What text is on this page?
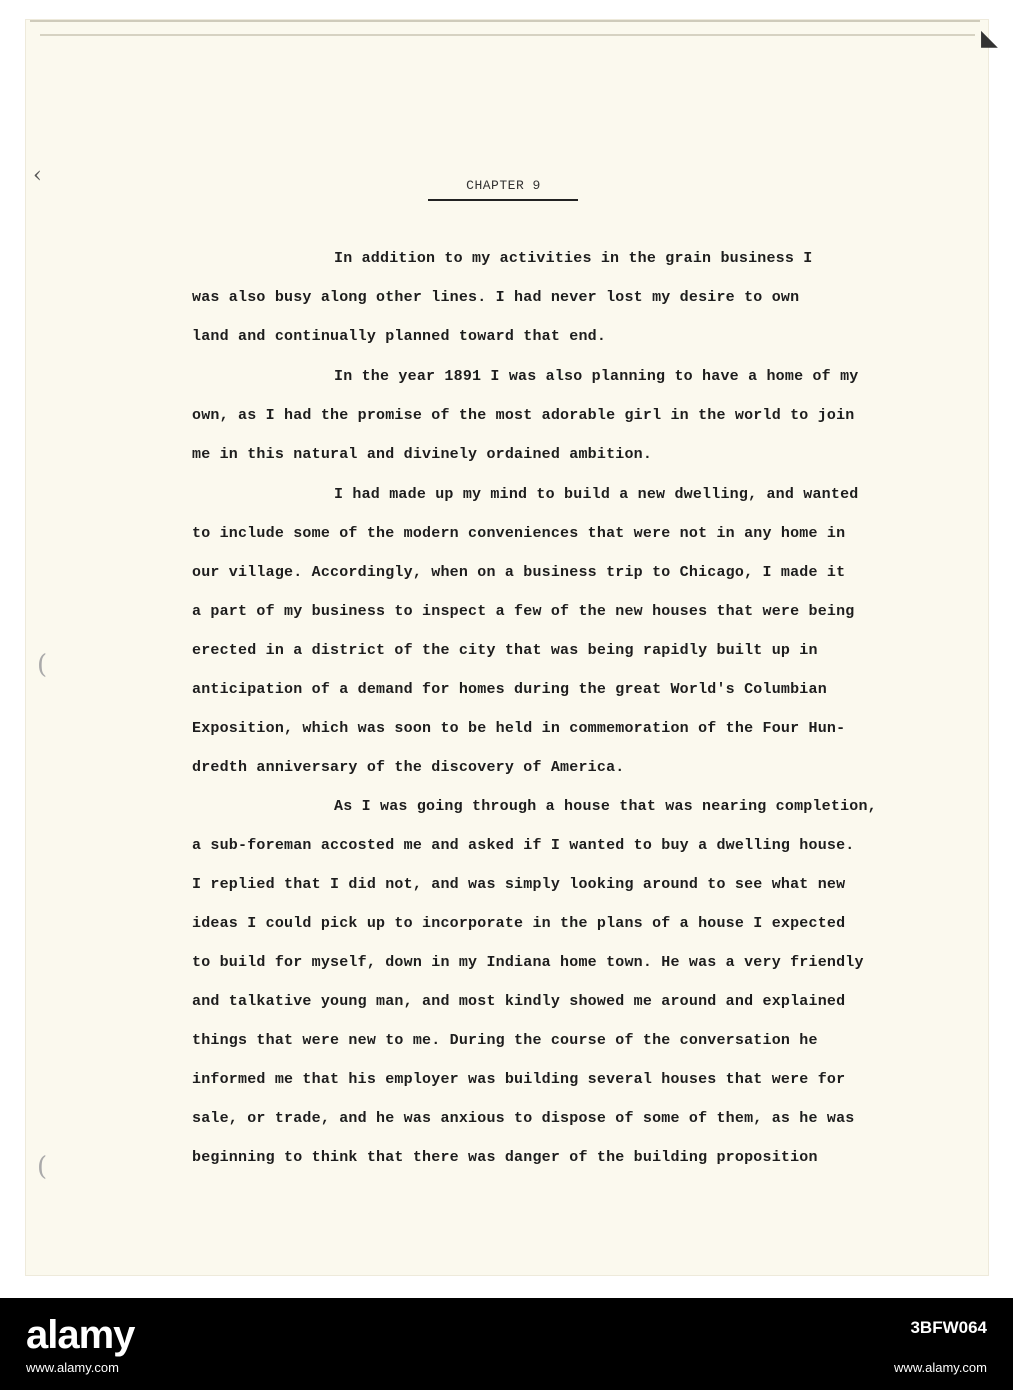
‹
◣
(
(
CHAPTER 9
In addition to my activities in the grain business I
was also busy along other lines. I had never lost my desire to own
land and continually planned toward that end.
In the year 1891 I was also planning to have a home of my
own, as I had the promise of the most adorable girl in the world to join
me in this natural and divinely ordained ambition.
I had made up my mind to build a new dwelling, and wanted
to include some of the modern conveniences that were not in any home in
our village. Accordingly, when on a business trip to Chicago, I made it
a part of my business to inspect a few of the new houses that were being
erected in a district of the city that was being rapidly built up in
anticipation of a demand for homes during the great World's Columbian
Exposition, which was soon to be held in commemoration of the Four Hun-
dredth anniversary of the discovery of America.
As I was going through a house that was nearing completion,
a sub-foreman accosted me and asked if I wanted to buy a dwelling house.
I replied that I did not, and was simply looking around to see what new
ideas I could pick up to incorporate in the plans of a house I expected
to build for myself, down in my Indiana home town. He was a very friendly
and talkative young man, and most kindly showed me around and explained
things that were new to me. During the course of the conversation he
informed me that his employer was building several houses that were for
sale, or trade, and he was anxious to dispose of some of them, as he was
beginning to think that there was danger of the building proposition
alamy
www.alamy.com
3BFW064
www.alamy.com
